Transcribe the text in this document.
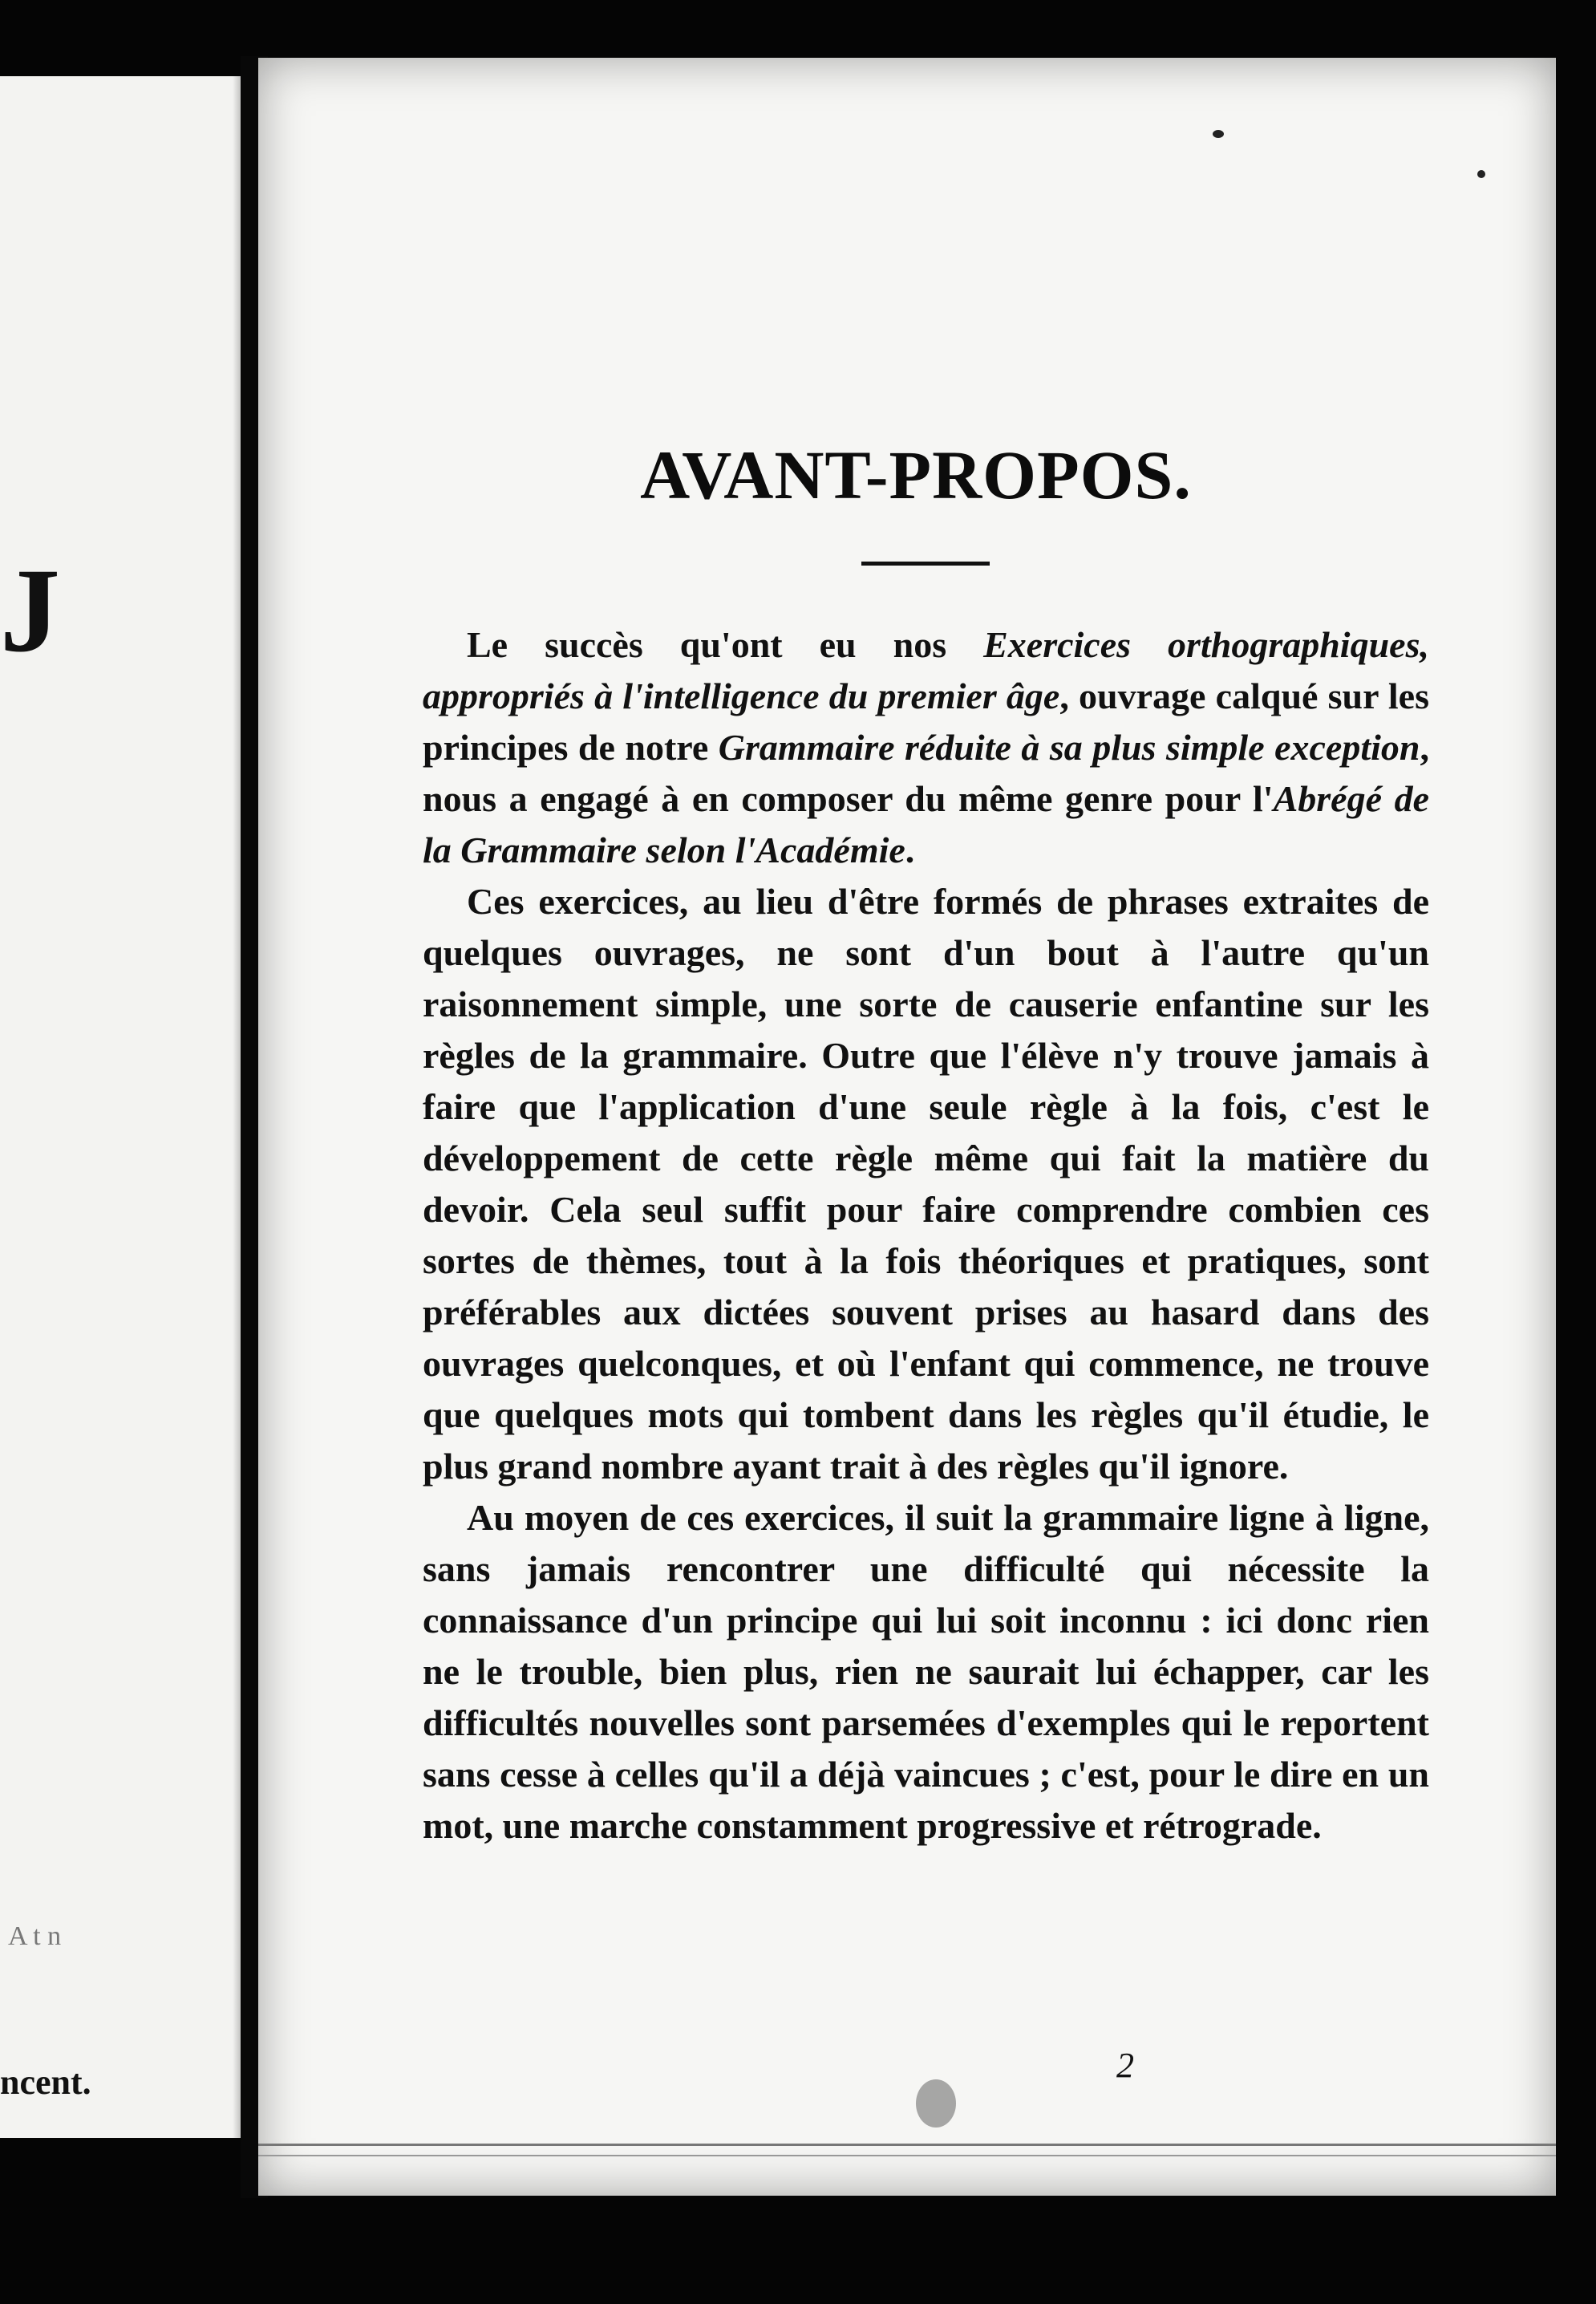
J
A t n
ncent.
AVANT-PROPOS.

Le succès qu'ont eu nos Exercices orthographiques, appropriés à l'intelligence du premier âge, ouvrage calqué sur les principes de notre Grammaire réduite à sa plus simple exception, nous a engagé à en composer du même genre pour l'Abrégé de la Grammaire selon l'Académie.

Ces exercices, au lieu d'être formés de phrases extraites de quelques ouvrages, ne sont d'un bout à l'autre qu'un raisonnement simple, une sorte de causerie enfantine sur les règles de la grammaire. Outre que l'élève n'y trouve jamais à faire que l'application d'une seule règle à la fois, c'est le développement de cette règle même qui fait la matière du devoir. Cela seul suffit pour faire comprendre combien ces sortes de thèmes, tout à la fois théoriques et pratiques, sont préférables aux dictées souvent prises au hasard dans des ouvrages quelconques, et où l'enfant qui commence, ne trouve que quelques mots qui tombent dans les règles qu'il étudie, le plus grand nombre ayant trait à des règles qu'il ignore.

Au moyen de ces exercices, il suit la grammaire ligne à ligne, sans jamais rencontrer une difficulté qui nécessite la connaissance d'un principe qui lui soit inconnu : ici donc rien ne le trouble, bien plus, rien ne saurait lui échapper, car les difficultés nouvelles sont parsemées d'exemples qui le reportent sans cesse à celles qu'il a déjà vaincues ; c'est, pour le dire en un mot, une marche constamment progressive et rétrograde.

2
